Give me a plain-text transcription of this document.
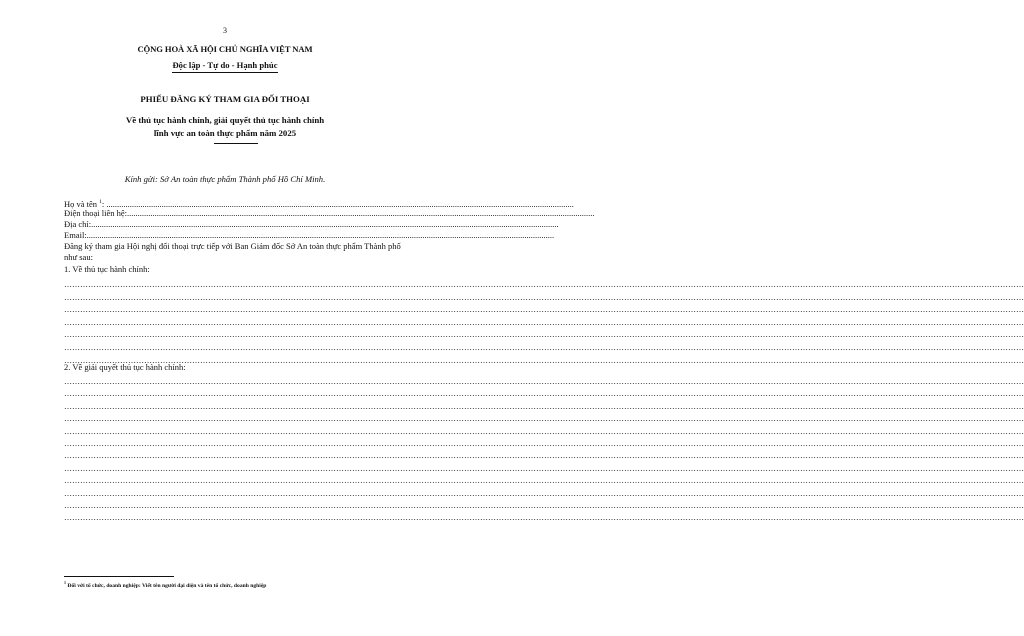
3
CỘNG HOÀ XÃ HỘI CHỦ NGHĨA VIỆT NAM
Độc lập - Tự do - Hạnh phúc
PHIẾU ĐĂNG KÝ THAM GIA ĐỐI THOẠI
Về thủ tục hành chính, giải quyết thủ tục hành chính
lĩnh vực an toàn thực phẩm năm 2025
Kính gửi: Sở An toàn thực phẩm Thành phố Hồ Chí Minh.
Họ và tên $^1$: ............................................................................................................................................................................................................................
Điện thoại liên hệ:............................................................................................................................................................................................................................
Địa chỉ:............................................................................................................................................................................................................................
Email:............................................................................................................................................................................................................................
Đăng ký tham gia Hội nghị đối thoại trực tiếp với Ban Giám đốc Sở An toàn thực phẩm Thành phố như sau:
1. Về thủ tục hành chính:
………………………………………………………………………………………………………………………………………………………………………………………………………………………………………………………………………………………………………………………………
………………………………………………………………………………………………………………………………………………………………………………………………………………………………………………………………………………………………………………………………
………………………………………………………………………………………………………………………………………………………………………………………………………………………………………………………………………………………………………………………………
………………………………………………………………………………………………………………………………………………………………………………………………………………………………………………………………………………………………………………………………
………………………………………………………………………………………………………………………………………………………………………………………………………………………………………………………………………………………………………………………………
………………………………………………………………………………………………………………………………………………………………………………………………………………………………………………………………………………………………………………………………
………………………………………………………………………………………………………………………………………………………………………………………………………………………………………………………………………………………………………………………………
2. Về giải quyết thủ tục hành chính:
………………………………………………………………………………………………………………………………………………………………………………………………………………………………………………………………………………………………………………………………
………………………………………………………………………………………………………………………………………………………………………………………………………………………………………………………………………………………………………………………………
………………………………………………………………………………………………………………………………………………………………………………………………………………………………………………………………………………………………………………………………
………………………………………………………………………………………………………………………………………………………………………………………………………………………………………………………………………………………………………………………………
………………………………………………………………………………………………………………………………………………………………………………………………………………………………………………………………………………………………………………………………
………………………………………………………………………………………………………………………………………………………………………………………………………………………………………………………………………………………………………………………………
………………………………………………………………………………………………………………………………………………………………………………………………………………………………………………………………………………………………………………………………
………………………………………………………………………………………………………………………………………………………………………………………………………………………………………………………………………………………………………………………………
………………………………………………………………………………………………………………………………………………………………………………………………………………………………………………………………………………………………………………………………
………………………………………………………………………………………………………………………………………………………………………………………………………………………………………………………………………………………………………………………………
………………………………………………………………………………………………………………………………………………………………………………………………………………………………………………………………………………………………………………………………
………………………………………………………………………………………………………………………………………………………………………………………………………………………………………………………………………………………………………………………………
$^1$ Đối với tổ chức, doanh nghiệp: Viết tên người đại diện và tên tổ chức, doanh nghiệp
